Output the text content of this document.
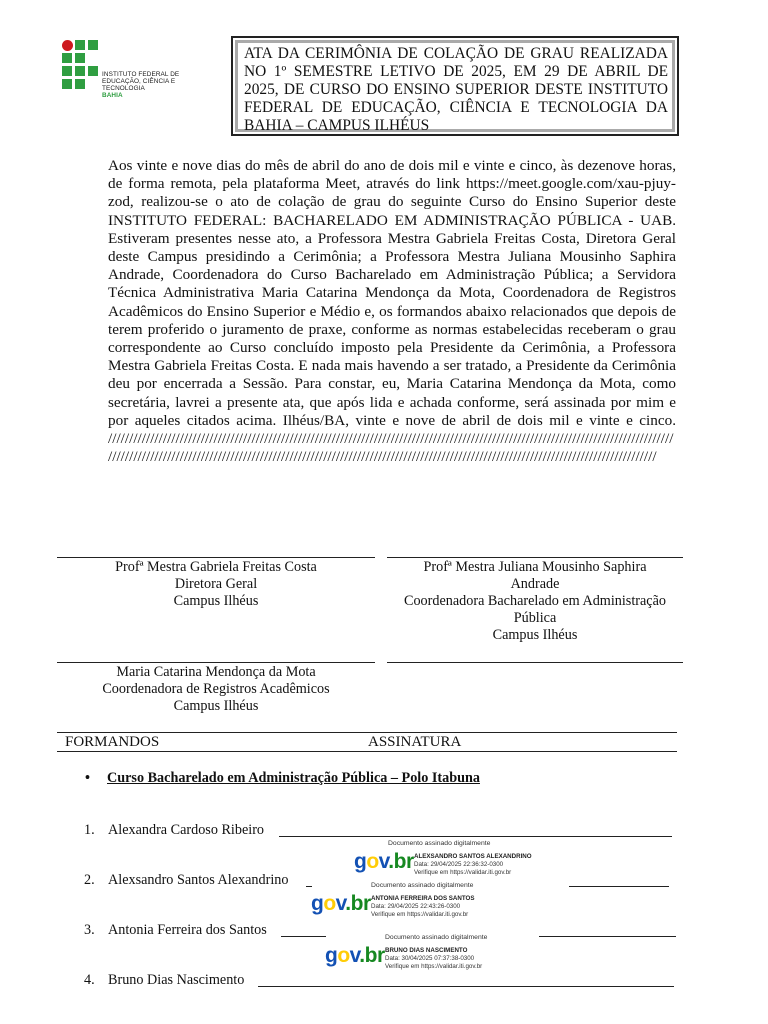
INSTITUTO FEDERAL DE
EDUCAÇÃO, CIÊNCIA E TECNOLOGIA
BAHIA
ATA DA CERIMÔNIA DE COLAÇÃO DE GRAU REALIZADA NO 1º SEMESTRE LETIVO DE 2025, EM 29 DE ABRIL DE 2025, DE CURSO DO ENSINO SUPERIOR DESTE INSTITUTO FEDERAL DE EDUCAÇÃO, CIÊNCIA E TECNOLOGIA DA BAHIA – CAMPUS ILHÉUS
Aos vinte e nove dias do mês de abril do ano de dois mil e vinte e cinco, às dezenove horas, de forma remota, pela plataforma Meet, através do link https://meet.google.com/xau-pjuy-zod, realizou-se o ato de colação de grau do seguinte Curso do Ensino Superior deste INSTITUTO FEDERAL: BACHARELADO EM ADMINISTRAÇÃO PÚBLICA - UAB. Estiveram presentes nesse ato, a Professora Mestra Gabriela Freitas Costa, Diretora Geral deste Campus presidindo a Cerimônia; a Professora Mestra Juliana Mousinho Saphira Andrade, Coordenadora do Curso Bacharelado em Administração Pública; a Servidora Técnica Administrativa Maria Catarina Mendonça da Mota, Coordenadora de Registros Acadêmicos do Ensino Superior e Médio e, os formandos abaixo relacionados que depois de terem proferido o juramento de praxe, conforme as normas estabelecidas receberam o grau correspondente ao Curso concluído imposto pela Presidente da Cerimônia, a Professora Mestra Gabriela Freitas Costa. E nada mais havendo a ser tratado, a Presidente da Cerimônia deu por encerrada a Sessão. Para constar, eu, Maria Catarina Mendonça da Mota, como secretária, lavrei a presente ata, que após lida e achada conforme, será assinada por mim e por aqueles citados acima. Ilhéus/BA, vinte e nove de abril de dois mil e vinte e cinco. ////////////////////////////////////////////////////////////////////////////////////////////////////////////////////////////////////////////////////////////////////////////////////////////////////////////////////////////////////////////////////////////////////////
Profª Mestra Gabriela Freitas Costa
Diretora Geral
Campus Ilhéus
Profª Mestra Juliana Mousinho Saphira
Andrade
Coordenadora Bacharelado em Administração
Pública
Campus Ilhéus
Maria Catarina Mendonça da Mota
Coordenadora de Registros Acadêmicos
Campus Ilhéus
FORMANDOS	ASSINATURA
• Curso Bacharelado em Administração Pública – Polo Itabuna
1. Alexandra Cardoso Ribeiro
2. Alexsandro Santos Alexandrino
3. Antonia Ferreira dos Santos
4. Bruno Dias Nascimento
Documento assinado digitalmente
gov.br ALEXSANDRO SANTOS ALEXANDRINO
Data: 29/04/2025 22:36:32-0300
Verifique em https://validar.iti.gov.br
Documento assinado digitalmente
gov.br ANTONIA FERREIRA DOS SANTOS
Data: 29/04/2025 22:43:26-0300
Verifique em https://validar.iti.gov.br
Documento assinado digitalmente
gov.br BRUNO DIAS NASCIMENTO
Data: 30/04/2025 07:37:38-0300
Verifique em https://validar.iti.gov.br
